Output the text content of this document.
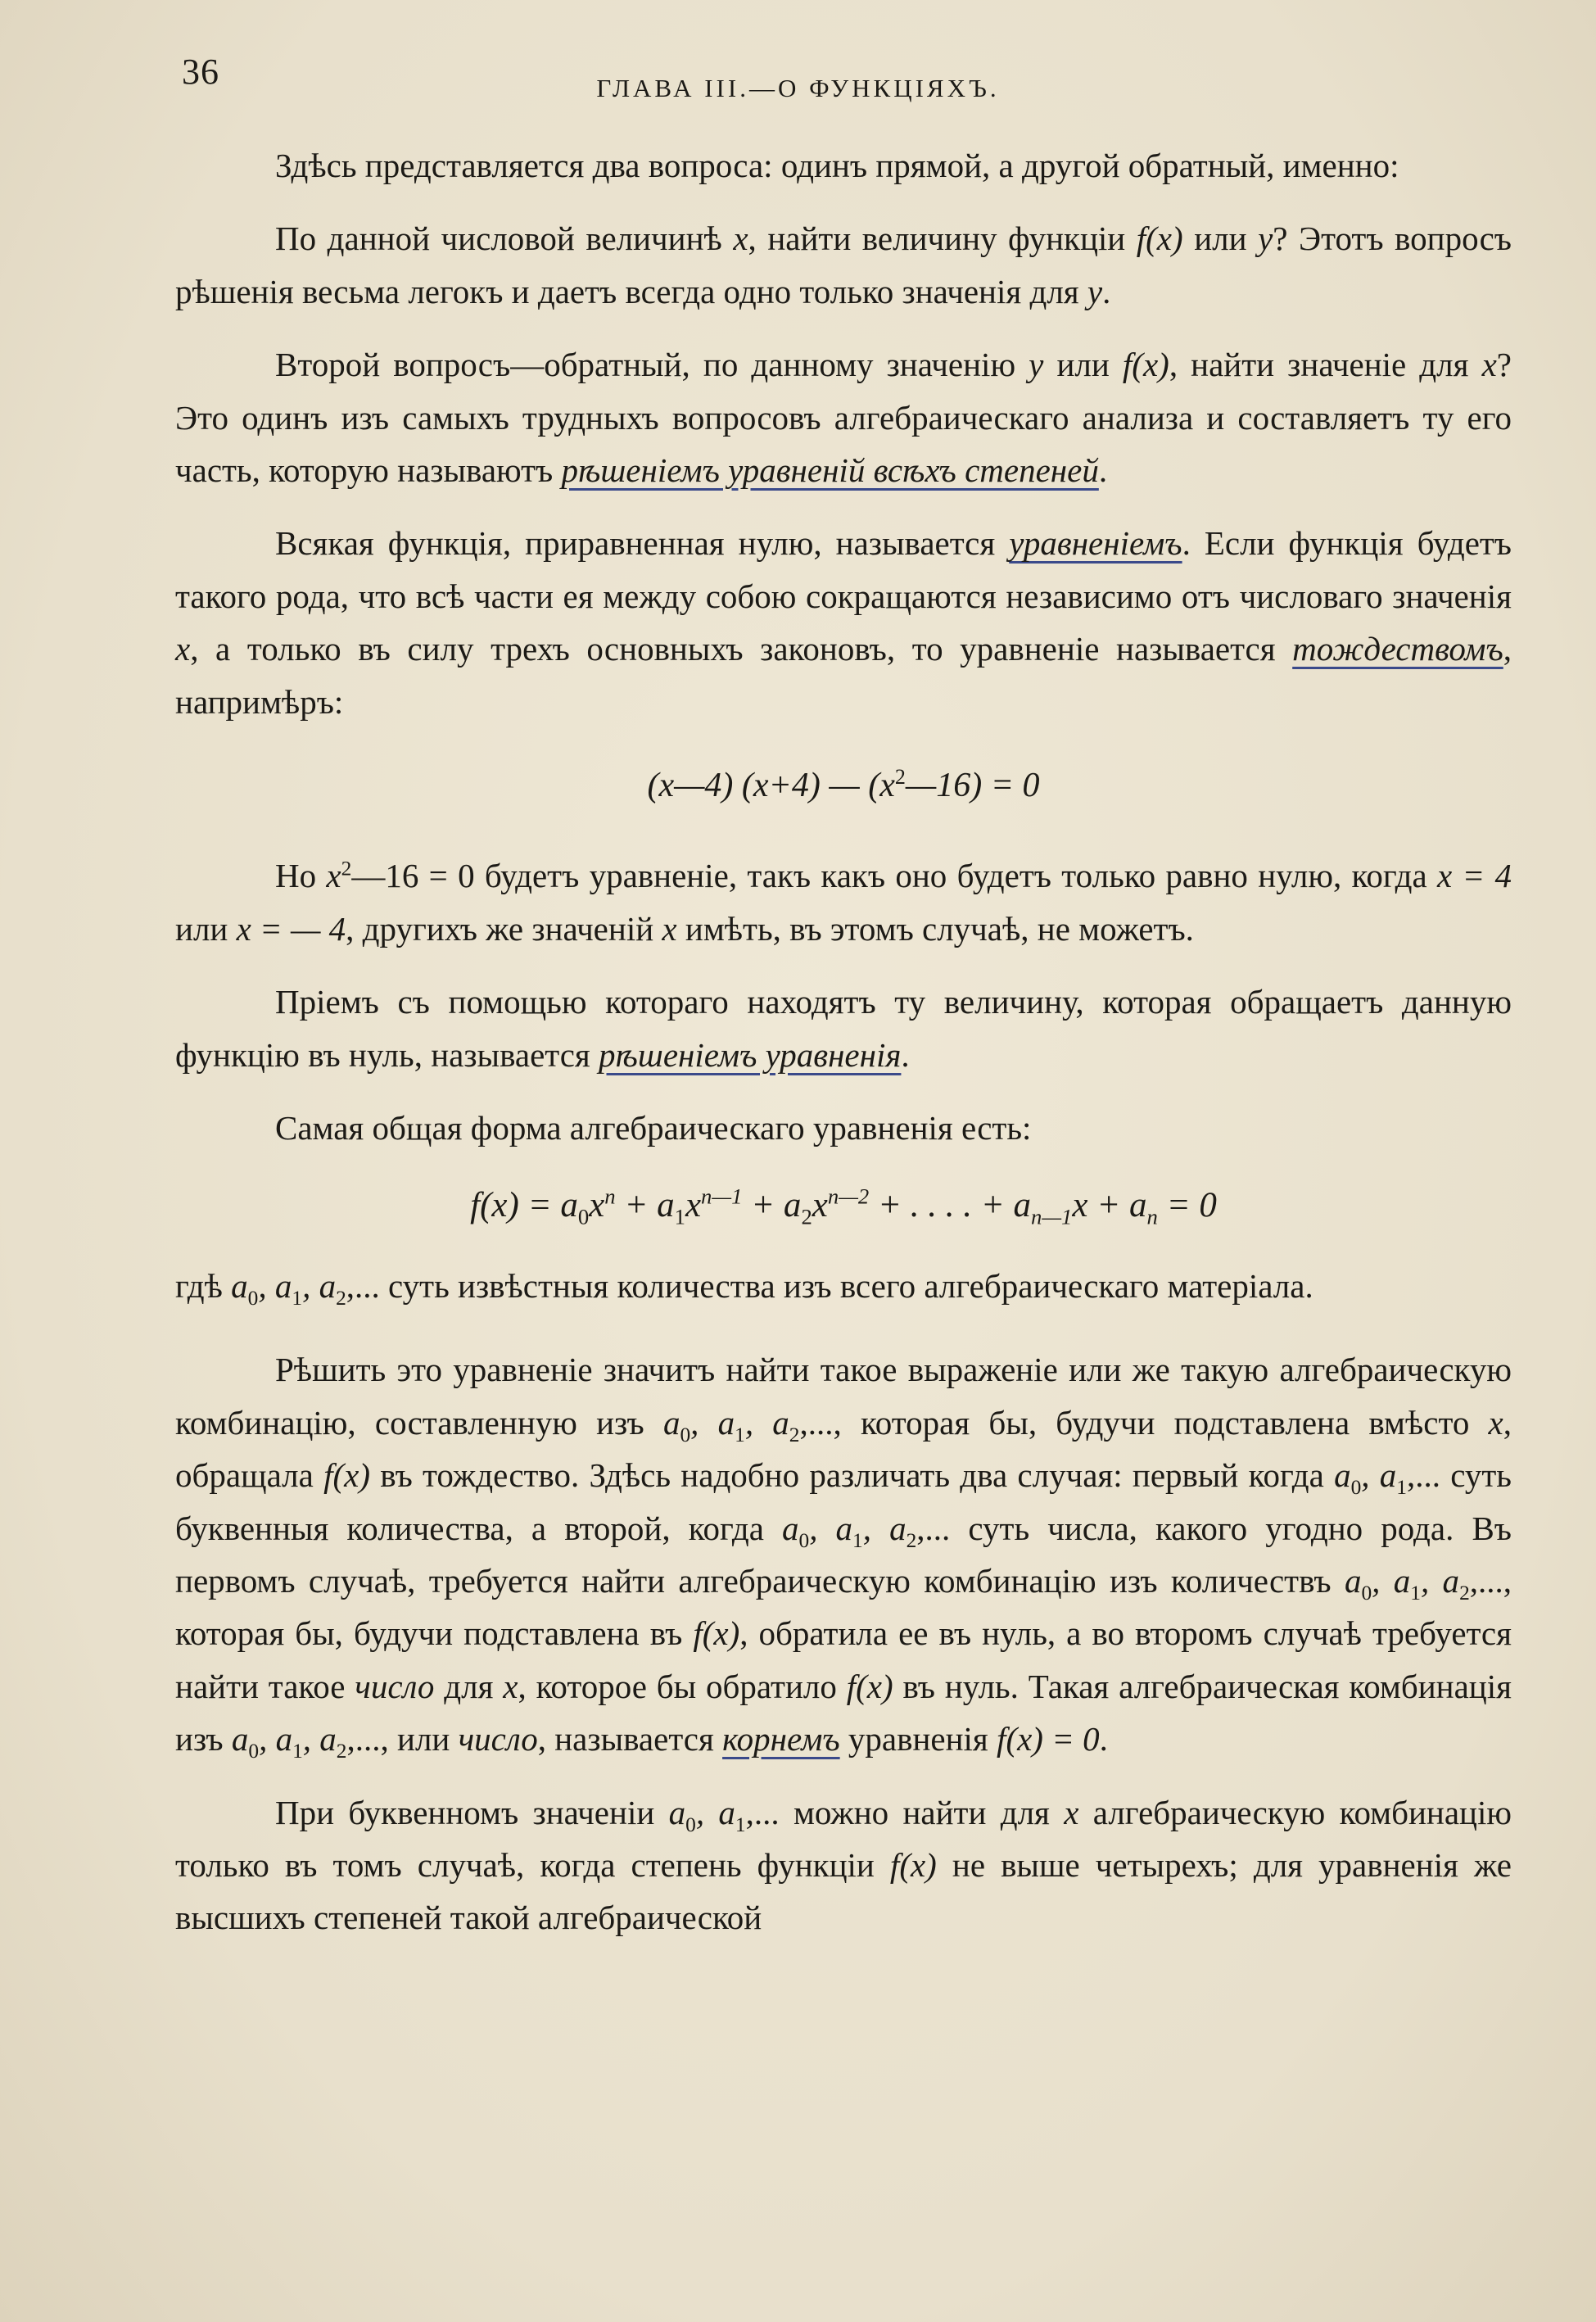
36	ГЛАВА III.—О ФУНКЦIЯХЪ.

Здѣсь представляется два вопроса: одинъ прямой, а другой обратный, именно:

По данной числовой величинѣ x, найти величину функціи f(x) или y? Этотъ вопросъ рѣшенія весьма легокъ и даетъ всегда одно только значенія для y.

Второй вопросъ—обратный, по данному значенію y или f(x), найти значеніе для x? Это одинъ изъ самыхъ трудныхъ вопросовъ алгебраическаго анализа и составляетъ ту его часть, которую называютъ рѣшеніемъ уравненій всѣхъ степеней.

Всякая функція, приравненная нулю, называется уравненіемъ. Если функція будетъ такого рода, что всѣ части ея между собою сокращаются независимо отъ числоваго значенія x, а только въ силу трехъ основныхъ законовъ, то уравненіе называется тождествомъ, напримѣръ:

(x—4) (x+4) — $(x^2—16) = 0$

Но $x^2—16 = 0$ будетъ уравненіе, такъ какъ оно будетъ только равно нулю, когда x = 4 или x = — 4, другихъ же значеній x имѣть, въ этомъ случаѣ, не можетъ.

Пріемъ съ помощью котораго находятъ ту величину, которая обращаетъ данную функцію въ нуль, называется рѣшеніемъ уравненія.

Самая общая форма алгебраическаго уравненія есть:

$f(x) = a_0x^n + a_1x^{n—1} + a_2x^{n—2}$ + . . . . + $a_{n—1}x + a_n = 0$

гдѣ $a_0$, $a_1$, $a_2$,... суть извѣстныя количества изъ всего алгебраическаго матеріала.

Рѣшить это уравненіе значитъ найти такое выраженіе или же такую алгебраическую комбинацію, составленную изъ $a_0$, $a_1$, $a_2$,..., которая бы, будучи подставлена вмѣсто x, обращала f(x) въ тождество. Здѣсь надобно различать два случая: первый когда $a_0$, $a_1$,... суть буквенныя количества, а второй, когда $a_0$, $a_1$, $a_2$,... суть числа, какого угодно рода. Въ первомъ случаѣ, требуется найти алгебраическую комбинацію изъ количествъ $a_0$, $a_1$, $a_2$,..., которая бы, будучи подставлена въ f(x), обратила ее въ нуль, а во второмъ случаѣ требуется найти такое число для x, которое бы обратило f(x) въ нуль. Такая алгебраическая комбинація изъ $a_0$, $a_1$, $a_2$,..., или число, называется корнемъ уравненія f(x) = 0.

При буквенномъ значеніи $a_0$, $a_1$,... можно найти для x алгебраическую комбинацію только въ томъ случаѣ, когда степень функціи f(x) не выше четырехъ; для уравненія же высшихъ степеней такой алгебраической
